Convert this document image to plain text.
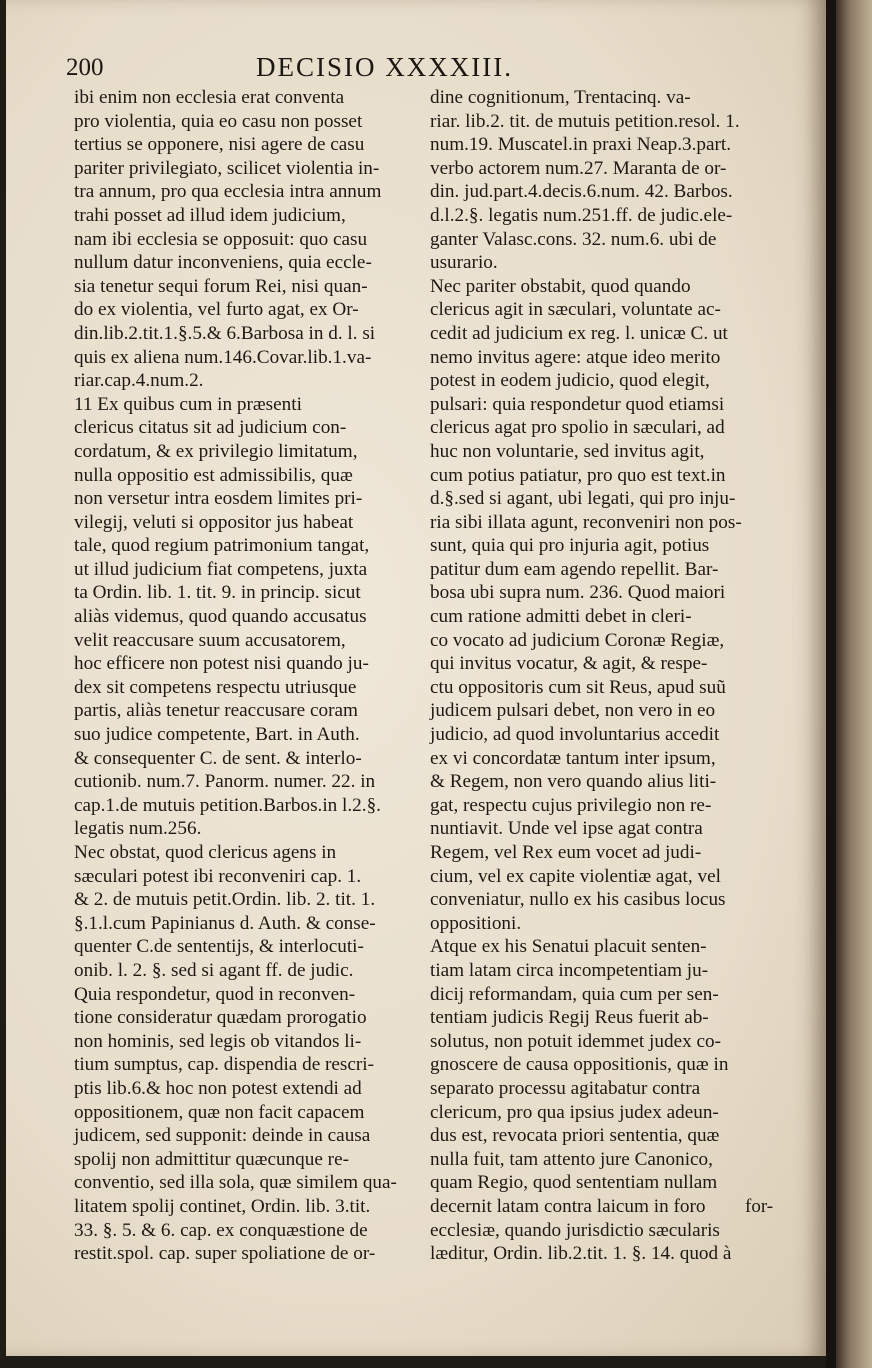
200	DECISIO XXXXIII.
ibi enim non ecclesia erat conventa
pro violentia, quia eo casu non posset
tertius se opponere, nisi agere de casu
pariter privilegiato, scilicet violentia in-
tra annum, pro qua ecclesia intra annum
trahi posset ad illud idem judicium,
nam ibi ecclesia se opposuit: quo casu
nullum datur inconveniens, quia eccle-
sia tenetur sequi forum Rei, nisi quan-
do ex violentia, vel furto agat, ex Or-
din.lib.2.tit.1.§.5.& 6.Barbosa in d. l. si
quis ex aliena num.146.Covar.lib.1.va-
riar.cap.4.num.2.
11 Ex quibus cum in præsenti
clericus citatus sit ad judicium con-
cordatum, & ex privilegio limitatum,
nulla oppositio est admissibilis, quæ
non versetur intra eosdem limites pri-
vilegij, veluti si oppositor jus habeat
tale, quod regium patrimonium tangat,
ut illud judicium fiat competens, juxta
ta Ordin. lib. 1. tit. 9. in princip. sicut
aliàs videmus, quod quando accusatus
velit reaccusare suum accusatorem,
hoc efficere non potest nisi quando ju-
dex sit competens respectu utriusque
partis, aliàs tenetur reaccusare coram
suo judice competente, Bart. in Auth.
& consequenter C. de sent. & interlo-
cutionib. num.7. Panorm. numer. 22. in
cap.1.de mutuis petition.Barbos.in l.2.§.
legatis num.256.
Nec obstat, quod clericus agens in
sæculari potest ibi reconveniri cap. 1.
& 2. de mutuis petit.Ordin. lib. 2. tit. 1.
§.1.l.cum Papinianus d. Auth. & conse-
quenter C.de sententijs, & interlocuti-
onib. l. 2. §. sed si agant ff. de judic.
Quia respondetur, quod in reconven-
tione consideratur quædam prorogatio
non hominis, sed legis ob vitandos li-
tium sumptus, cap. dispendia de rescri-
ptis lib.6.& hoc non potest extendi ad
oppositionem, quæ non facit capacem
judicem, sed supponit: deinde in causa
spolij non admittitur quæcunque re-
conventio, sed illa sola, quæ similem qua-
litatem spolij continet, Ordin. lib. 3.tit.
33. §. 5. & 6. cap. ex conquæstione de
restit.spol. cap. super spoliatione de or-
dine cognitionum, Trentacinq. va-
riar. lib.2. tit. de mutuis petition.resol. 1.
num.19. Muscatel.in praxi Neap.3.part.
verbo actorem num.27. Maranta de or-
din. jud.part.4.decis.6.num. 42. Barbos.
d.l.2.§. legatis num.251.ff. de judic.ele-
ganter Valasc.cons. 32. num.6. ubi de
usurario.
Nec pariter obstabit, quod quando
clericus agit in sæculari, voluntate ac-
cedit ad judicium ex reg. l. unicæ C. ut
nemo invitus agere: atque ideo merito
potest in eodem judicio, quod elegit,
pulsari: quia respondetur quod etiamsi
clericus agat pro spolio in sæculari, ad
huc non voluntarie, sed invitus agit,
cum potius patiatur, pro quo est text.in
d.§.sed si agant, ubi legati, qui pro inju-
ria sibi illata agunt, reconveniri non pos-
sunt, quia qui pro injuria agit, potius
patitur dum eam agendo repellit. Bar-
bosa ubi supra num. 236. Quod maiori
cum ratione admitti debet in cleri-
co vocato ad judicium Coronæ Regiæ,
qui invitus vocatur, & agit, & respe-
ctu oppositoris cum sit Reus, apud suũ
judicem pulsari debet, non vero in eo
judicio, ad quod involuntarius accedit
ex vi concordatæ tantum inter ipsum,
& Regem, non vero quando alius liti-
gat, respectu cujus privilegio non re-
nuntiavit. Unde vel ipse agat contra
Regem, vel Rex eum vocet ad judi-
cium, vel ex capite violentiæ agat, vel
conveniatur, nullo ex his casibus locus
oppositioni.
Atque ex his Senatui placuit senten-
tiam latam circa incompetentiam ju-
dicij reformandam, quia cum per sen-
tentiam judicis Regij Reus fuerit ab-
solutus, non potuit idemmet judex co-
gnoscere de causa oppositionis, quæ in
separato processu agitabatur contra
clericum, pro qua ipsius judex adeun-
dus est, revocata priori sententia, quæ
nulla fuit, tam attento jure Canonico,
quam Regio, quod sententiam nullam
decernit latam contra laicum in foro
ecclesiæ, quando jurisdictio sæcularis
læditur, Ordin. lib.2.tit. 1. §. 14. quod à
for-
